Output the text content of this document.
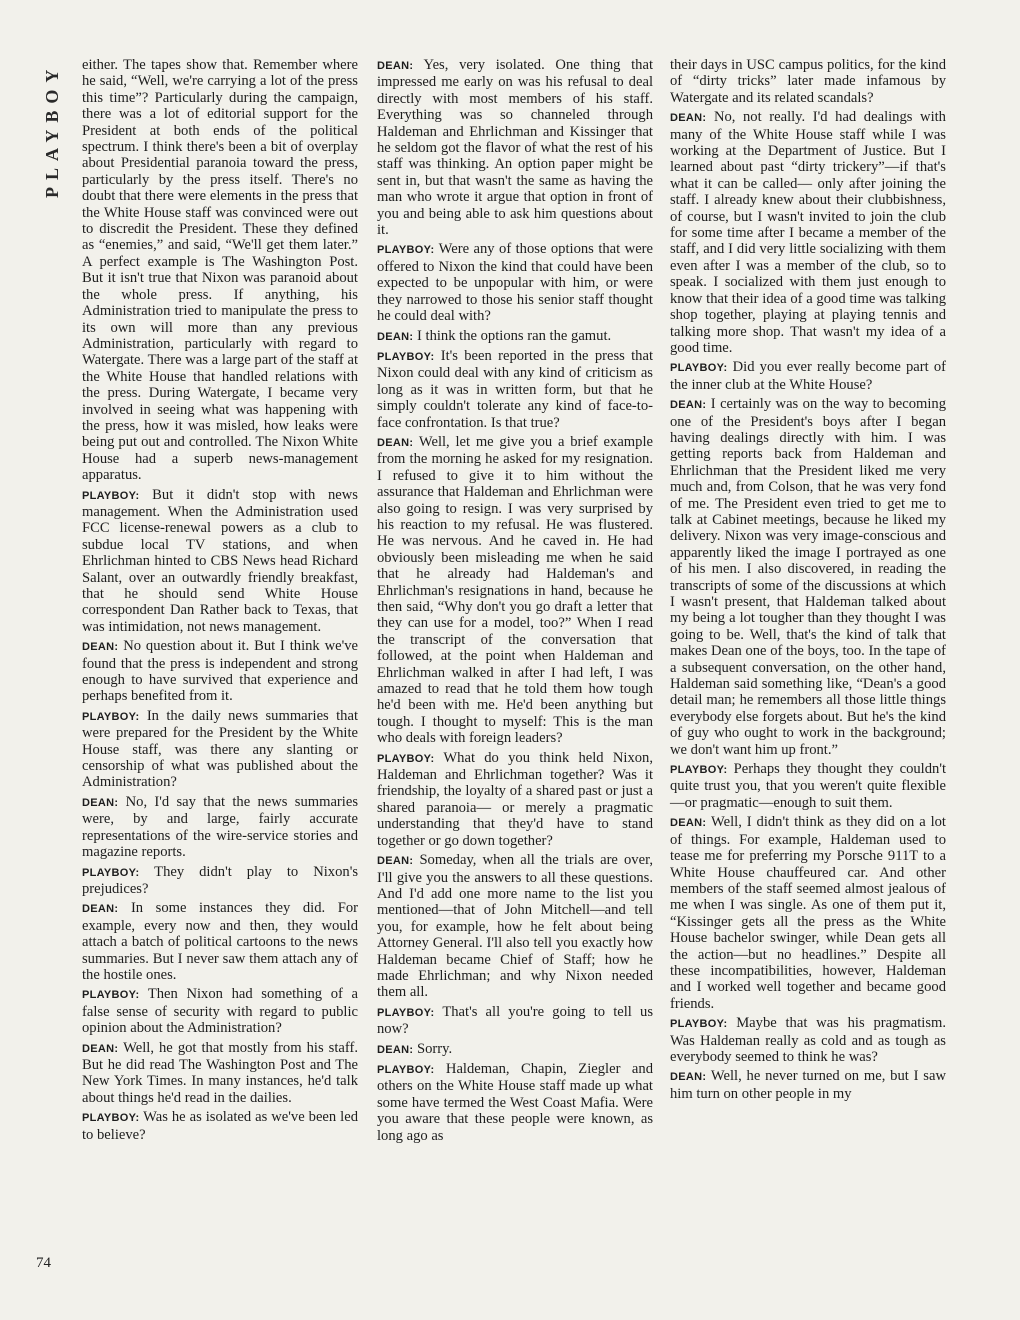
PLAYBOY	either. The tapes show that. Remember where he said, “Well, we're carrying a lot of the press this time”? Particularly during the campaign, there was a lot of editorial support for the President at both ends of the political spectrum. I think there's been a bit of overplay about Presidential paranoia toward the press, particularly by the press itself. There's no doubt that there were elements in the press that the White House staff was convinced were out to discredit the President. These they defined as “enemies,” and said, “We'll get them later.” A perfect example is The Washington Post. But it isn't true that Nixon was paranoid about the whole press. If anything, his Administration tried to manipulate the press to its own will more than any previous Administration, particularly with regard to Watergate. There was a large part of the staff at the White House that handled relations with the press. During Watergate, I became very involved in seeing what was happening with the press, how it was misled, how leaks were being put out and controlled. The Nixon White House had a superb news-management apparatus.

PLAYBOY: But it didn't stop with news management. When the Administration used FCC license-renewal powers as a club to subdue local TV stations, and when Ehrlichman hinted to CBS News head Richard Salant, over an outwardly friendly breakfast, that he should send White House correspondent Dan Rather back to Texas, that was intimidation, not news management.

DEAN: No question about it. But I think we've found that the press is independent and strong enough to have survived that experience and perhaps benefited from it.

PLAYBOY: In the daily news summaries that were prepared for the President by the White House staff, was there any slanting or censorship of what was published about the Administration?

DEAN: No, I'd say that the news summaries were, by and large, fairly accurate representations of the wire-service stories and magazine reports.

PLAYBOY: They didn't play to Nixon's prejudices?

DEAN: In some instances they did. For example, every now and then, they would attach a batch of political cartoons to the news summaries. But I never saw them attach any of the hostile ones.

PLAYBOY: Then Nixon had something of a false sense of security with regard to public opinion about the Administration?

DEAN: Well, he got that mostly from his staff. But he did read The Washington Post and The New York Times. In many instances, he'd talk about things he'd read in the dailies.

PLAYBOY: Was he as isolated as we've been led to believe?

DEAN: Yes, very isolated. One thing that impressed me early on was his refusal to deal directly with most members of his staff. Everything was so channeled through Haldeman and Ehrlichman and Kissinger that he seldom got the flavor of what the rest of his staff was thinking. An option paper might be sent in, but that wasn't the same as having the man who wrote it argue that option in front of you and being able to ask him questions about it.

PLAYBOY: Were any of those options that were offered to Nixon the kind that could have been expected to be unpopular with him, or were they narrowed to those his senior staff thought he could deal with?

DEAN: I think the options ran the gamut.

PLAYBOY: It's been reported in the press that Nixon could deal with any kind of criticism as long as it was in written form, but that he simply couldn't tolerate any kind of face-to-face confrontation. Is that true?

DEAN: Well, let me give you a brief example from the morning he asked for my resignation. I refused to give it to him without the assurance that Haldeman and Ehrlichman were also going to resign. I was very surprised by his reaction to my refusal. He was flustered. He was nervous. And he caved in. He had obviously been misleading me when he said that he already had Haldeman's and Ehrlichman's resignations in hand, because he then said, “Why don't you go draft a letter that they can use for a model, too?” When I read the transcript of the conversation that followed, at the point when Haldeman and Ehrlichman walked in after I had left, I was amazed to read that he told them how tough he'd been with me. He'd been anything but tough. I thought to myself: This is the man who deals with foreign leaders?

PLAYBOY: What do you think held Nixon, Haldeman and Ehrlichman together? Was it friendship, the loyalty of a shared past or just a shared paranoia— or merely a pragmatic understanding that they'd have to stand together or go down together?

DEAN: Someday, when all the trials are over, I'll give you the answers to all these questions. And I'd add one more name to the list you mentioned—that of John Mitchell—and tell you, for example, how he felt about being Attorney General. I'll also tell you exactly how Haldeman became Chief of Staff; how he made Ehrlichman; and why Nixon needed them all.

PLAYBOY: That's all you're going to tell us now?

DEAN: Sorry.

PLAYBOY: Haldeman, Chapin, Ziegler and others on the White House staff made up what some have termed the West Coast Mafia. Were you aware that these people were known, as long ago as

their days in USC campus politics, for the kind of “dirty tricks” later made infamous by Watergate and its related scandals?

DEAN: No, not really. I'd had dealings with many of the White House staff while I was working at the Department of Justice. But I learned about past “dirty trickery”—if that's what it can be called— only after joining the staff. I already knew about their clubbishness, of course, but I wasn't invited to join the club for some time after I became a member of the staff, and I did very little socializing with them even after I was a member of the club, so to speak. I socialized with them just enough to know that their idea of a good time was talking shop together, playing at playing tennis and talking more shop. That wasn't my idea of a good time.

PLAYBOY: Did you ever really become part of the inner club at the White House?

DEAN: I certainly was on the way to becoming one of the President's boys after I began having dealings directly with him. I was getting reports back from Haldeman and Ehrlichman that the President liked me very much and, from Colson, that he was very fond of me. The President even tried to get me to talk at Cabinet meetings, because he liked my delivery. Nixon was very image-conscious and apparently liked the image I portrayed as one of his men. I also discovered, in reading the transcripts of some of the discussions at which I wasn't present, that Haldeman talked about my being a lot tougher than they thought I was going to be. Well, that's the kind of talk that makes Dean one of the boys, too. In the tape of a subsequent conversation, on the other hand, Haldeman said something like, “Dean's a good detail man; he remembers all those little things everybody else forgets about. But he's the kind of guy who ought to work in the background; we don't want him up front.”

PLAYBOY: Perhaps they thought they couldn't quite trust you, that you weren't quite flexible—or pragmatic—enough to suit them.

DEAN: Well, I didn't think as they did on a lot of things. For example, Haldeman used to tease me for preferring my Porsche 911T to a White House chauffeured car. And other members of the staff seemed almost jealous of me when I was single. As one of them put it, “Kissinger gets all the press as the White House bachelor swinger, while Dean gets all the action—but no headlines.” Despite all these incompatibilities, however, Haldeman and I worked well together and became good friends.

PLAYBOY: Maybe that was his pragmatism. Was Haldeman really as cold and as tough as everybody seemed to think he was?

DEAN: Well, he never turned on me, but I saw him turn on other people in my

74
